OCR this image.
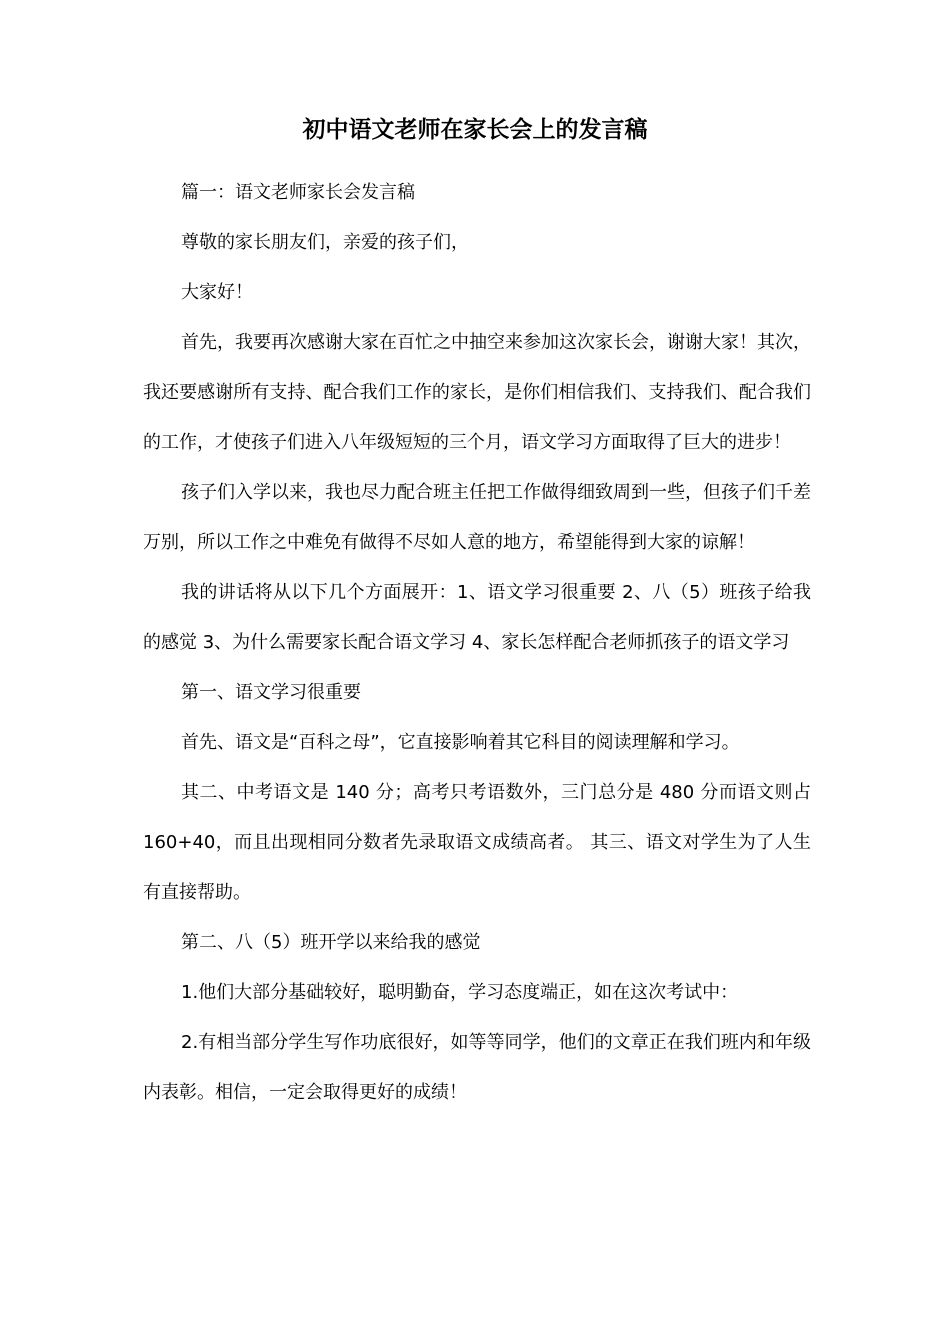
初中语文老师在家长会上的发言稿

篇一：语文老师家长会发言稿

尊敬的家长朋友们，亲爱的孩子们，

大家好！

首先，我要再次感谢大家在百忙之中抽空来参加这次家长会，谢谢大家！其次，我还要感谢所有支持、配合我们工作的家长，是你们相信我们、支持我们、配合我们的工作，才使孩子们进入八年级短短的三个月，语文学习方面取得了巨大的进步！

孩子们入学以来，我也尽力配合班主任把工作做得细致周到一些，但孩子们千差万别，所以工作之中难免有做得不尽如人意的地方，希望能得到大家的谅解！

我的讲话将从以下几个方面展开：1、语文学习很重要 2、八（5）班孩子给我的感觉 3、为什么需要家长配合语文学习 4、家长怎样配合老师抓孩子的语文学习

第一、语文学习很重要

首先、语文是“百科之母”，它直接影响着其它科目的阅读理解和学习。

其二、中考语文是 140 分；高考只考语数外，三门总分是 480 分而语文则占 160+40，而且出现相同分数者先录取语文成绩高者。 其三、语文对学生为了人生有直接帮助。

第二、八（5）班开学以来给我的感觉

1.他们大部分基础较好，聪明勤奋，学习态度端正，如在这次考试中：

2.有相当部分学生写作功底很好，如等等同学，他们的文章正在我们班内和年级内表彰。相信，一定会取得更好的成绩！
